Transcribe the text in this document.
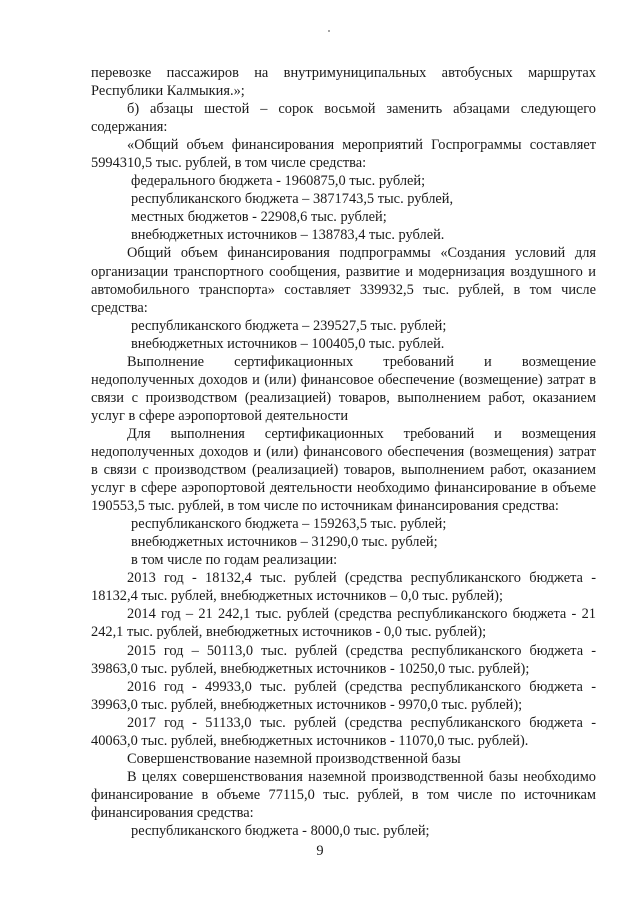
перевозке пассажиров на внутримуниципальных автобусных маршрутах Республики Калмыкия.»;

б) абзацы шестой – сорок восьмой заменить абзацами следующего содержания:

«Общий объем финансирования мероприятий Госпрограммы составляет 5994310,5 тыс. рублей, в том числе средства:

федерального бюджета - 1960875,0 тыс. рублей;

республиканского бюджета – 3871743,5 тыс. рублей,

местных бюджетов - 22908,6 тыс. рублей;

внебюджетных источников – 138783,4 тыс. рублей.

Общий объем финансирования подпрограммы «Создания условий для организации транспортного сообщения, развитие и модернизация воздушного и автомобильного транспорта» составляет 339932,5 тыс. рублей, в том числе средства:

республиканского бюджета – 239527,5 тыс. рублей;

внебюджетных источников – 100405,0 тыс. рублей.

Выполнение сертификационных требований и возмещение недополученных доходов и (или) финансовое обеспечение (возмещение) затрат в связи с производством (реализацией) товаров, выполнением работ, оказанием услуг в сфере аэропортовой деятельности

Для выполнения сертификационных требований и возмещения недополученных доходов и (или) финансового обеспечения (возмещения) затрат в связи с производством (реализацией) товаров, выполнением работ, оказанием услуг в сфере аэропортовой деятельности необходимо финансирование в объеме 190553,5 тыс. рублей, в том числе по источникам финансирования средства:

республиканского бюджета – 159263,5 тыс. рублей;

внебюджетных источников – 31290,0 тыс. рублей;

в том числе по годам реализации:

2013 год - 18132,4 тыс. рублей (средства республиканского бюджета - 18132,4 тыс. рублей, внебюджетных источников – 0,0 тыс. рублей);

2014 год – 21 242,1 тыс. рублей (средства республиканского бюджета - 21 242,1 тыс. рублей, внебюджетных источников - 0,0 тыс. рублей);

2015 год – 50113,0 тыс. рублей (средства республиканского бюджета - 39863,0 тыс. рублей, внебюджетных источников - 10250,0 тыс. рублей);

2016 год - 49933,0 тыс. рублей (средства республиканского бюджета - 39963,0 тыс. рублей, внебюджетных источников - 9970,0 тыс. рублей);

2017 год - 51133,0 тыс. рублей (средства республиканского бюджета - 40063,0 тыс. рублей, внебюджетных источников - 11070,0 тыс. рублей).

Совершенствование наземной производственной базы

В целях совершенствования наземной производственной базы необходимо финансирование в объеме 77115,0 тыс. рублей, в том числе по источникам финансирования средства:

республиканского бюджета - 8000,0 тыс. рублей;

9
